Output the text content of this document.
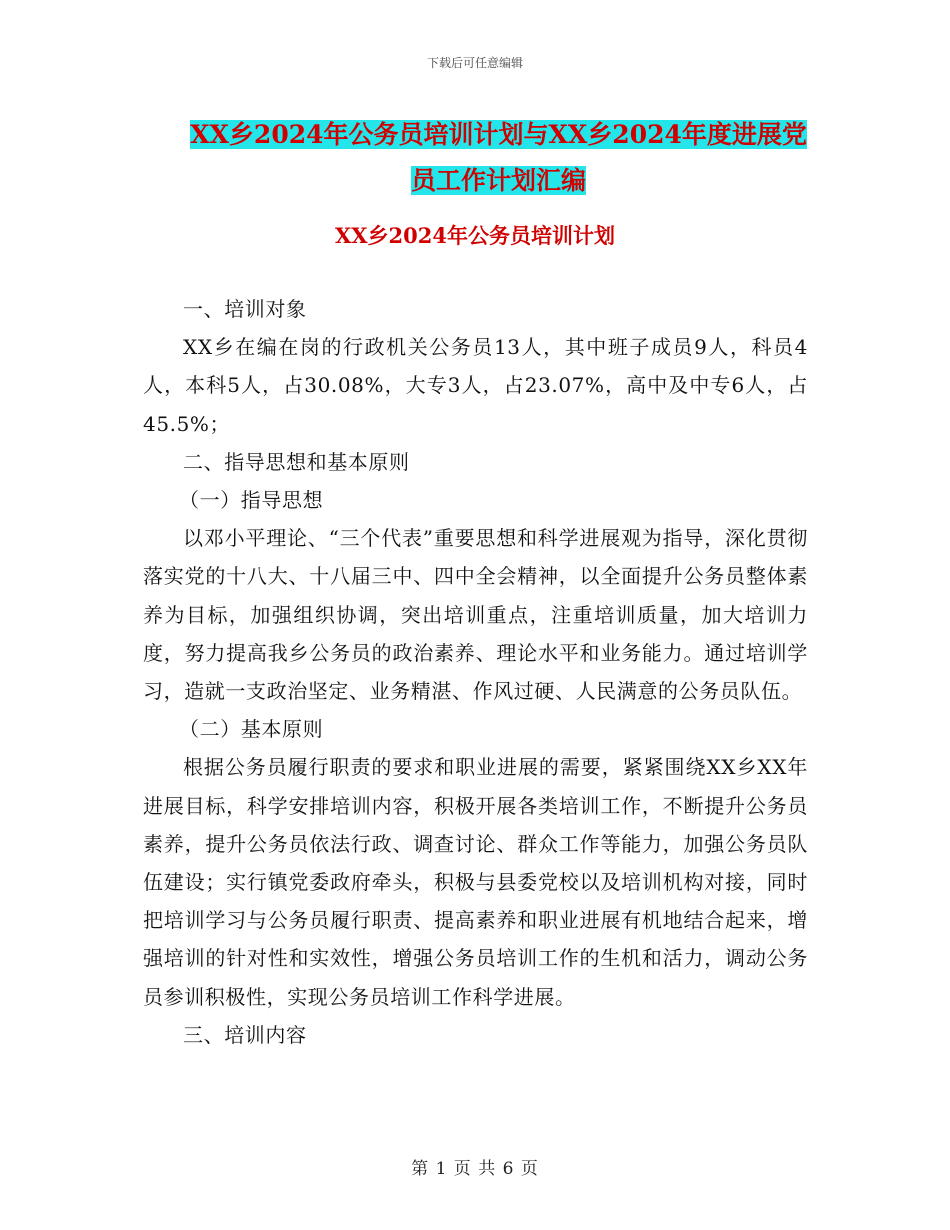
下载后可任意编辑
XX乡2024年公务员培训计划与XX乡2024年度进展党员工作计划汇编
XX乡2024年公务员培训计划

一、培训对象

XX乡在编在岗的行政机关公务员13人，其中班子成员9人，科员4人，本科5人，占30.08%，大专3人，占23.07%，高中及中专6人，占45.5%；

二、指导思想和基本原则

（一）指导思想

以邓小平理论、“三个代表”重要思想和科学进展观为指导，深化贯彻落实党的十八大、十八届三中、四中全会精神，以全面提升公务员整体素养为目标，加强组织协调，突出培训重点，注重培训质量，加大培训力度，努力提高我乡公务员的政治素养、理论水平和业务能力。通过培训学习，造就一支政治坚定、业务精湛、作风过硬、人民满意的公务员队伍。

（二）基本原则

根据公务员履行职责的要求和职业进展的需要，紧紧围绕XX乡XX年进展目标，科学安排培训内容，积极开展各类培训工作，不断提升公务员素养，提升公务员依法行政、调查讨论、群众工作等能力，加强公务员队伍建设；实行镇党委政府牵头，积极与县委党校以及培训机构对接，同时把培训学习与公务员履行职责、提高素养和职业进展有机地结合起来，增强培训的针对性和实效性，增强公务员培训工作的生机和活力，调动公务员参训积极性，实现公务员培训工作科学进展。

三、培训内容

第 1 页 共 6 页
